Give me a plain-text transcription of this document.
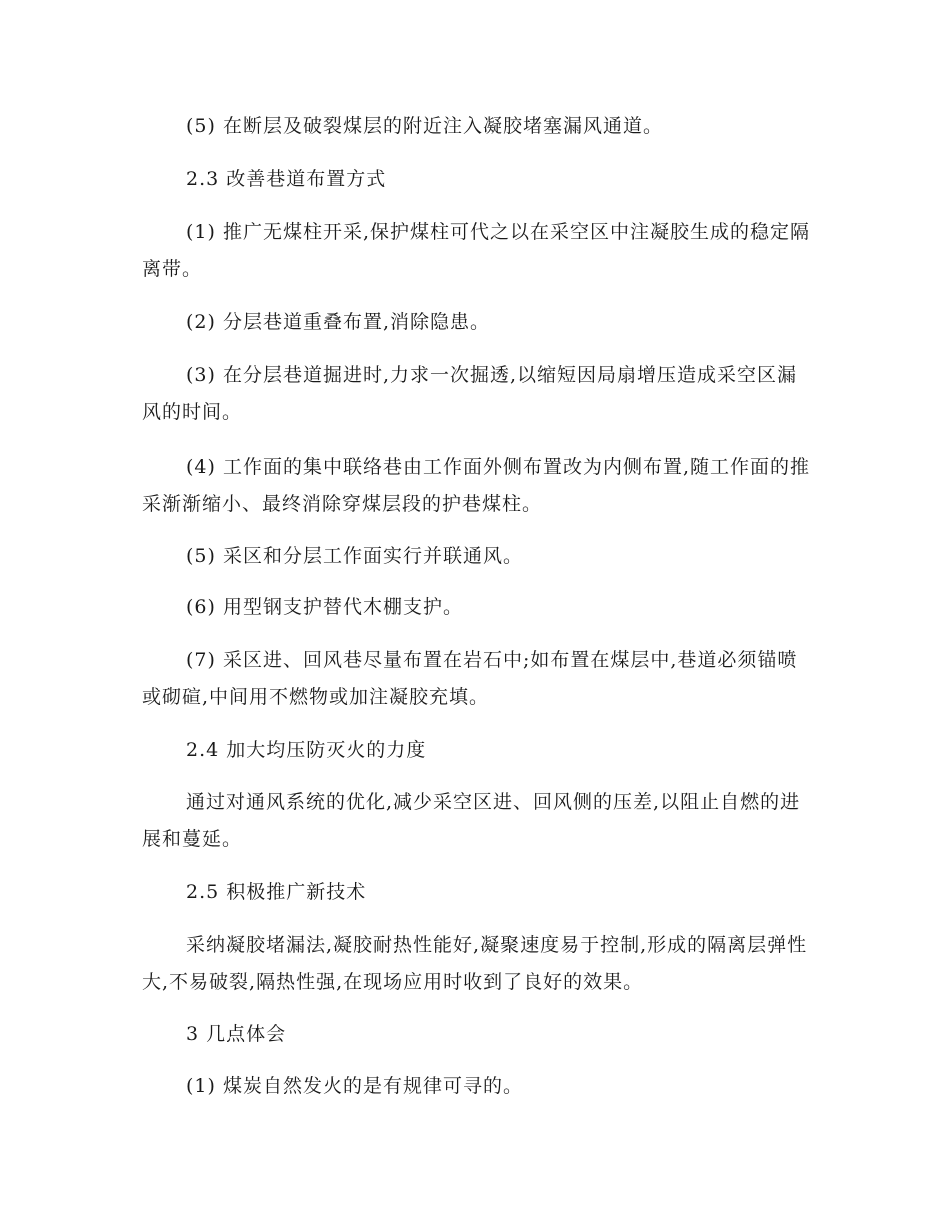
(5) 在断层及破裂煤层的附近注入凝胶堵塞漏风通道。

2.3 改善巷道布置方式

(1) 推广无煤柱开采,保护煤柱可代之以在采空区中注凝胶生成的稳定隔离带。

(2) 分层巷道重叠布置,消除隐患。

(3) 在分层巷道掘进时,力求一次掘透,以缩短因局扇增压造成采空区漏风的时间。

(4) 工作面的集中联络巷由工作面外侧布置改为内侧布置,随工作面的推采渐渐缩小、最终消除穿煤层段的护巷煤柱。

(5) 采区和分层工作面实行并联通风。

(6) 用型钢支护替代木棚支护。

(7) 采区进、回风巷尽量布置在岩石中;如布置在煤层中,巷道必须锚喷或砌碹,中间用不燃物或加注凝胶充填。

2.4 加大均压防灭火的力度

通过对通风系统的优化,减少采空区进、回风侧的压差,以阻止自燃的进展和蔓延。

2.5 积极推广新技术

采纳凝胶堵漏法,凝胶耐热性能好,凝聚速度易于控制,形成的隔离层弹性大,不易破裂,隔热性强,在现场应用时收到了良好的效果。

3 几点体会

(1) 煤炭自然发火的是有规律可寻的。
